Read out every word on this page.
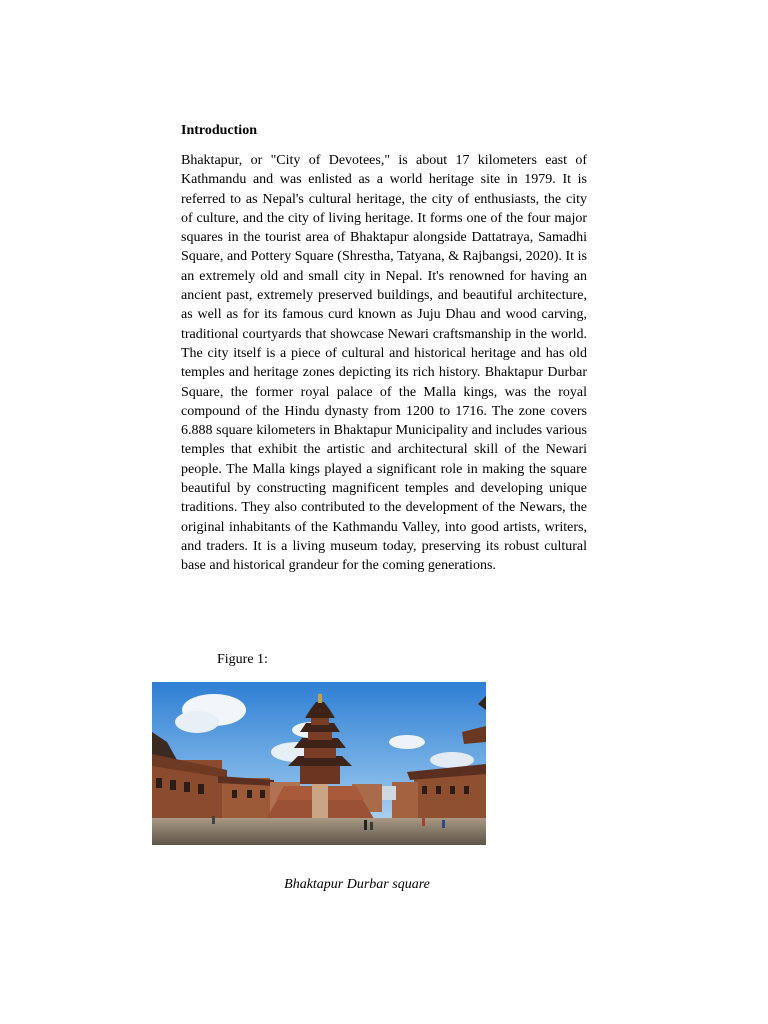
Introduction

Bhaktapur, or "City of Devotees," is about 17 kilometers east of Kathmandu and was enlisted as a world heritage site in 1979. It is referred to as Nepal's cultural heritage, the city of enthusiasts, the city of culture, and the city of living heritage. It forms one of the four major squares in the tourist area of Bhaktapur alongside Dattatraya, Samadhi Square, and Pottery Square (Shrestha, Tatyana, & Rajbangsi, 2020). It is an extremely old and small city in Nepal. It's renowned for having an ancient past, extremely preserved buildings, and beautiful architecture, as well as for its famous curd known as Juju Dhau and wood carving, traditional courtyards that showcase Newari craftsmanship in the world. The city itself is a piece of cultural and historical heritage and has old temples and heritage zones depicting its rich history. Bhaktapur Durbar Square, the former royal palace of the Malla kings, was the royal compound of the Hindu dynasty from 1200 to 1716. The zone covers 6.888 square kilometers in Bhaktapur Municipality and includes various temples that exhibit the artistic and architectural skill of the Newari people. The Malla kings played a significant role in making the square beautiful by constructing magnificent temples and developing unique traditions. They also contributed to the development of the Newars, the original inhabitants of the Kathmandu Valley, into good artists, writers, and traders. It is a living museum today, preserving its robust cultural base and historical grandeur for the coming generations.

Figure 1:
Bhaktapur Durbar square
